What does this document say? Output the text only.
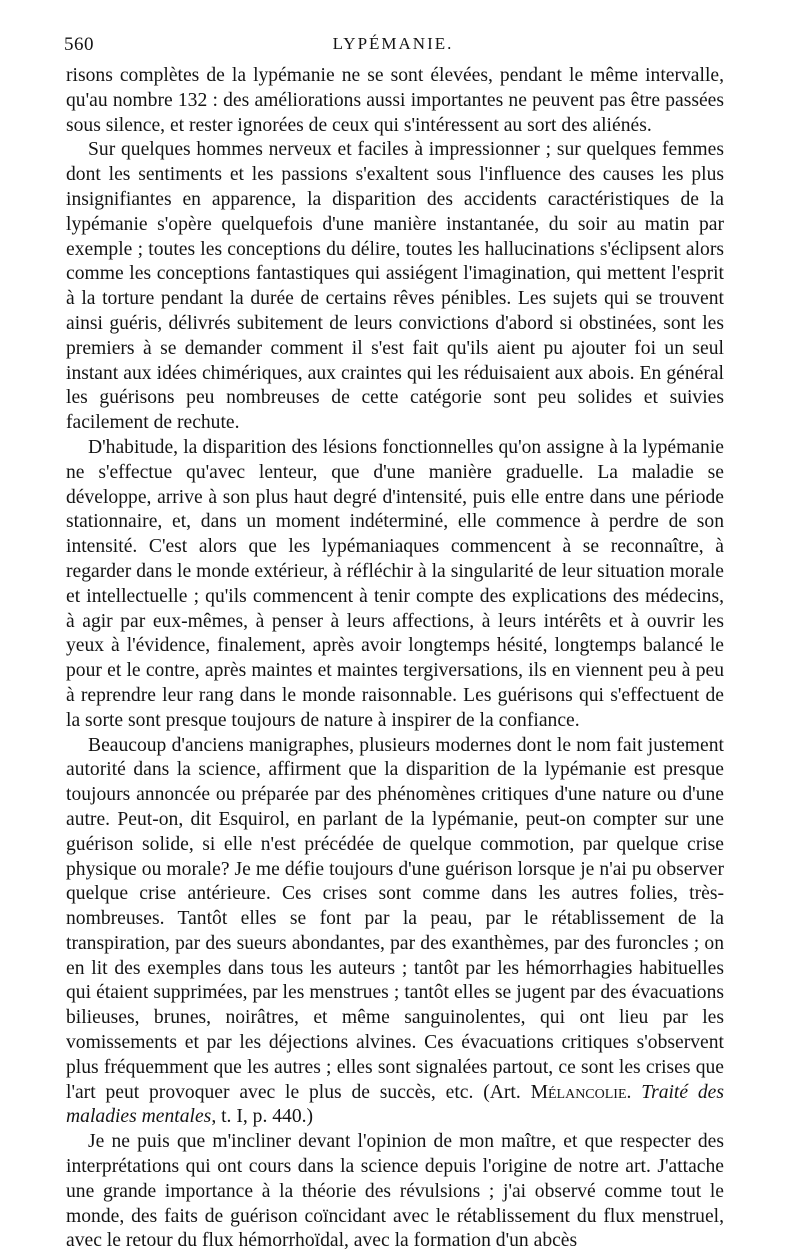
560	LYPÉMANIE.

risons complètes de la lypémanie ne se sont élevées, pendant le même intervalle, qu'au nombre 132 : des améliorations aussi importantes ne peuvent pas être passées sous silence, et rester ignorées de ceux qui s'intéressent au sort des aliénés.

Sur quelques hommes nerveux et faciles à impressionner ; sur quelques femmes dont les sentiments et les passions s'exaltent sous l'influence des causes les plus insignifiantes en apparence, la disparition des accidents caractéristiques de la lypémanie s'opère quelquefois d'une manière instantanée, du soir au matin par exemple ; toutes les conceptions du délire, toutes les hallucinations s'éclipsent alors comme les conceptions fantastiques qui assiégent l'imagination, qui mettent l'esprit à la torture pendant la durée de certains rêves pénibles. Les sujets qui se trouvent ainsi guéris, délivrés subitement de leurs convictions d'abord si obstinées, sont les premiers à se demander comment il s'est fait qu'ils aient pu ajouter foi un seul instant aux idées chimériques, aux craintes qui les réduisaient aux abois. En général les guérisons peu nombreuses de cette catégorie sont peu solides et suivies facilement de rechute.

D'habitude, la disparition des lésions fonctionnelles qu'on assigne à la lypémanie ne s'effectue qu'avec lenteur, que d'une manière graduelle. La maladie se développe, arrive à son plus haut degré d'intensité, puis elle entre dans une période stationnaire, et, dans un moment indéterminé, elle commence à perdre de son intensité. C'est alors que les lypémaniaques commencent à se reconnaître, à regarder dans le monde extérieur, à réfléchir à la singularité de leur situation morale et intellectuelle ; qu'ils commencent à tenir compte des explications des médecins, à agir par eux-mêmes, à penser à leurs affections, à leurs intérêts et à ouvrir les yeux à l'évidence, finalement, après avoir longtemps hésité, longtemps balancé le pour et le contre, après maintes et maintes tergiversations, ils en viennent peu à peu à reprendre leur rang dans le monde raisonnable. Les guérisons qui s'effectuent de la sorte sont presque toujours de nature à inspirer de la confiance.

Beaucoup d'anciens manigraphes, plusieurs modernes dont le nom fait justement autorité dans la science, affirment que la disparition de la lypémanie est presque toujours annoncée ou préparée par des phénomènes critiques d'une nature ou d'une autre. Peut-on, dit Esquirol, en parlant de la lypémanie, peut-on compter sur une guérison solide, si elle n'est précédée de quelque commotion, par quelque crise physique ou morale? Je me défie toujours d'une guérison lorsque je n'ai pu observer quelque crise antérieure. Ces crises sont comme dans les autres folies, très-nombreuses. Tantôt elles se font par la peau, par le rétablissement de la transpiration, par des sueurs abondantes, par des exanthèmes, par des furoncles ; on en lit des exemples dans tous les auteurs ; tantôt par les hémorrhagies habituelles qui étaient supprimées, par les menstrues ; tantôt elles se jugent par des évacuations bilieuses, brunes, noirâtres, et même sanguinolentes, qui ont lieu par les vomissements et par les déjections alvines. Ces évacuations critiques s'observent plus fréquemment que les autres ; elles sont signalées partout, ce sont les crises que l'art peut provoquer avec le plus de succès, etc. (Art. Mélancolie. Traité des maladies mentales, t. I, p. 440.)

Je ne puis que m'incliner devant l'opinion de mon maître, et que respecter des interprétations qui ont cours dans la science depuis l'origine de notre art. J'attache une grande importance à la théorie des révulsions ; j'ai observé comme tout le monde, des faits de guérison coïncidant avec le rétablissement du flux menstruel, avec le retour du flux hémorrhoïdal, avec la formation d'un abcès
